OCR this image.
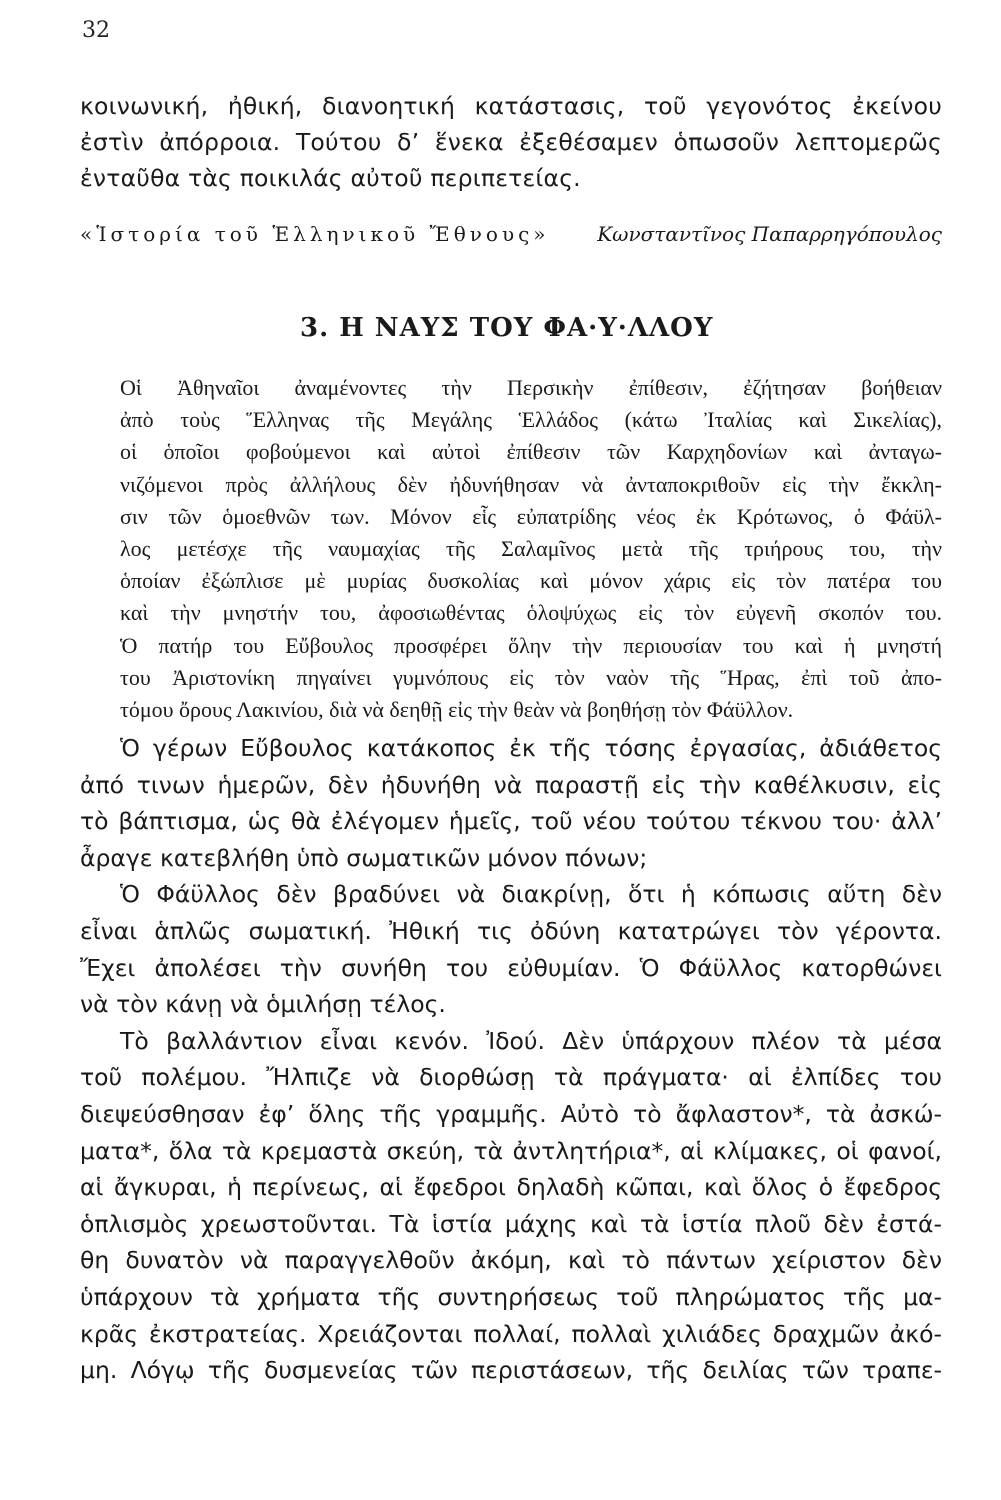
32
κοινωνική, ἠθική, διανοητική κατάστασις, τοῦ γεγονότος ἐκείνου
ἐστὶν ἀπόρροια. Τούτου δ’ ἕνεκα ἐξεθέσαμεν ὁπωσοῦν λεπτομερῶς
ἐνταῦθα τὰς ποικιλάς αὐτοῦ περιπετείας.
«Ἱστορία τοῦ Ἑλληνικοῦ Ἔθνους» Κωνσταντῖνος Παπαρρηγόπουλος
3. Η ΝΑΥΣ ΤΟΥ ΦΑ·Υ·ΛΛΟΥ
Οἱ Ἀθηναῖοι ἀναμένοντες τὴν Περσικὴν ἐπίθεσιν, ἐζήτησαν βοήθειαν
ἀπὸ τοὺς Ἕλληνας τῆς Μεγάλης Ἑλλάδος (κάτω Ἰταλίας καὶ Σικελίας),
οἱ ὁποῖοι φοβούμενοι καὶ αὐτοὶ ἐπίθεσιν τῶν Καρχηδονίων καὶ ἀνταγω-
νιζόμενοι πρὸς ἀλλήλους δὲν ἠδυνήθησαν νὰ ἀνταποκριθοῦν εἰς τὴν ἔκκλη-
σιν τῶν ὁμοεθνῶν των. Μόνον εἷς εὐπατρίδης νέος ἐκ Κρότωνος, ὁ Φάϋλ-
λος μετέσχε τῆς ναυμαχίας τῆς Σαλαμῖνος μετὰ τῆς τριήρους του, τὴν
ὁποίαν ἐξώπλισε μὲ μυρίας δυσκολίας καὶ μόνον χάρις εἰς τὸν πατέρα του
καὶ τὴν μνηστήν του, ἀφοσιωθέντας ὁλοψύχως εἰς τὸν εὐγενῆ σκοπόν του.
Ὁ πατήρ του Εὔβουλος προσφέρει ὅλην τὴν περιουσίαν του καὶ ἡ μνηστή
του Ἀριστονίκη πηγαίνει γυμνόπους εἰς τὸν ναὸν τῆς Ἥρας, ἐπὶ τοῦ ἀπο-
τόμου ὄρους Λακινίου, διὰ νὰ δεηθῇ εἰς τὴν θεὰν νὰ βοηθήσῃ τὸν Φάϋλλον.
Ὁ γέρων Εὔβουλος κατάκοπος ἐκ τῆς τόσης ἐργασίας, ἀδιάθετος
ἀπό τινων ἡμερῶν, δὲν ἠδυνήθη νὰ παραστῇ εἰς τὴν καθέλκυσιν, εἰς
τὸ βάπτισμα, ὡς θὰ ἐλέγομεν ἡμεῖς, τοῦ νέου τούτου τέκνου του· ἀλλ’
ἆραγε κατεβλήθη ὑπὸ σωματικῶν μόνον πόνων;
Ὁ Φάϋλλος δὲν βραδύνει νὰ διακρίνῃ, ὅτι ἡ κόπωσις αὕτη δὲν
εἶναι ἁπλῶς σωματική. Ἠθική τις ὀδύνη κατατρώγει τὸν γέροντα.
Ἔχει ἀπολέσει τὴν συνήθη του εὐθυμίαν. Ὁ Φάϋλλος κατορθώνει
νὰ τὸν κάνῃ νὰ ὁμιλήσῃ τέλος.
Τὸ βαλλάντιον εἶναι κενόν. Ἰδού. Δὲν ὑπάρχουν πλέον τὰ μέσα
τοῦ πολέμου. Ἤλπιζε νὰ διορθώσῃ τὰ πράγματα· αἱ ἐλπίδες του
διεψεύσθησαν ἐφ’ ὅλης τῆς γραμμῆς. Αὐτὸ τὸ ἄφλαστον*, τὰ ἀσκώ-
ματα*, ὅλα τὰ κρεμαστὰ σκεύη, τὰ ἀντλητήρια*, αἱ κλίμακες, οἱ φανοί,
αἱ ἄγκυραι, ἡ περίνεως, αἱ ἔφεδροι δηλαδὴ κῶπαι, καὶ ὅλος ὁ ἔφεδρος
ὁπλισμὸς χρεωστοῦνται. Τὰ ἱστία μάχης καὶ τὰ ἱστία πλοῦ δὲν ἐστά-
θη δυνατὸν νὰ παραγγελθοῦν ἀκόμη, καὶ τὸ πάντων χείριστον δὲν
ὑπάρχουν τὰ χρήματα τῆς συντηρήσεως τοῦ πληρώματος τῆς μα-
κρᾶς ἐκστρατείας. Χρειάζονται πολλαί, πολλαὶ χιλιάδες δραχμῶν ἀκό-
μη. Λόγῳ τῆς δυσμενείας τῶν περιστάσεων, τῆς δειλίας τῶν τραπε-
